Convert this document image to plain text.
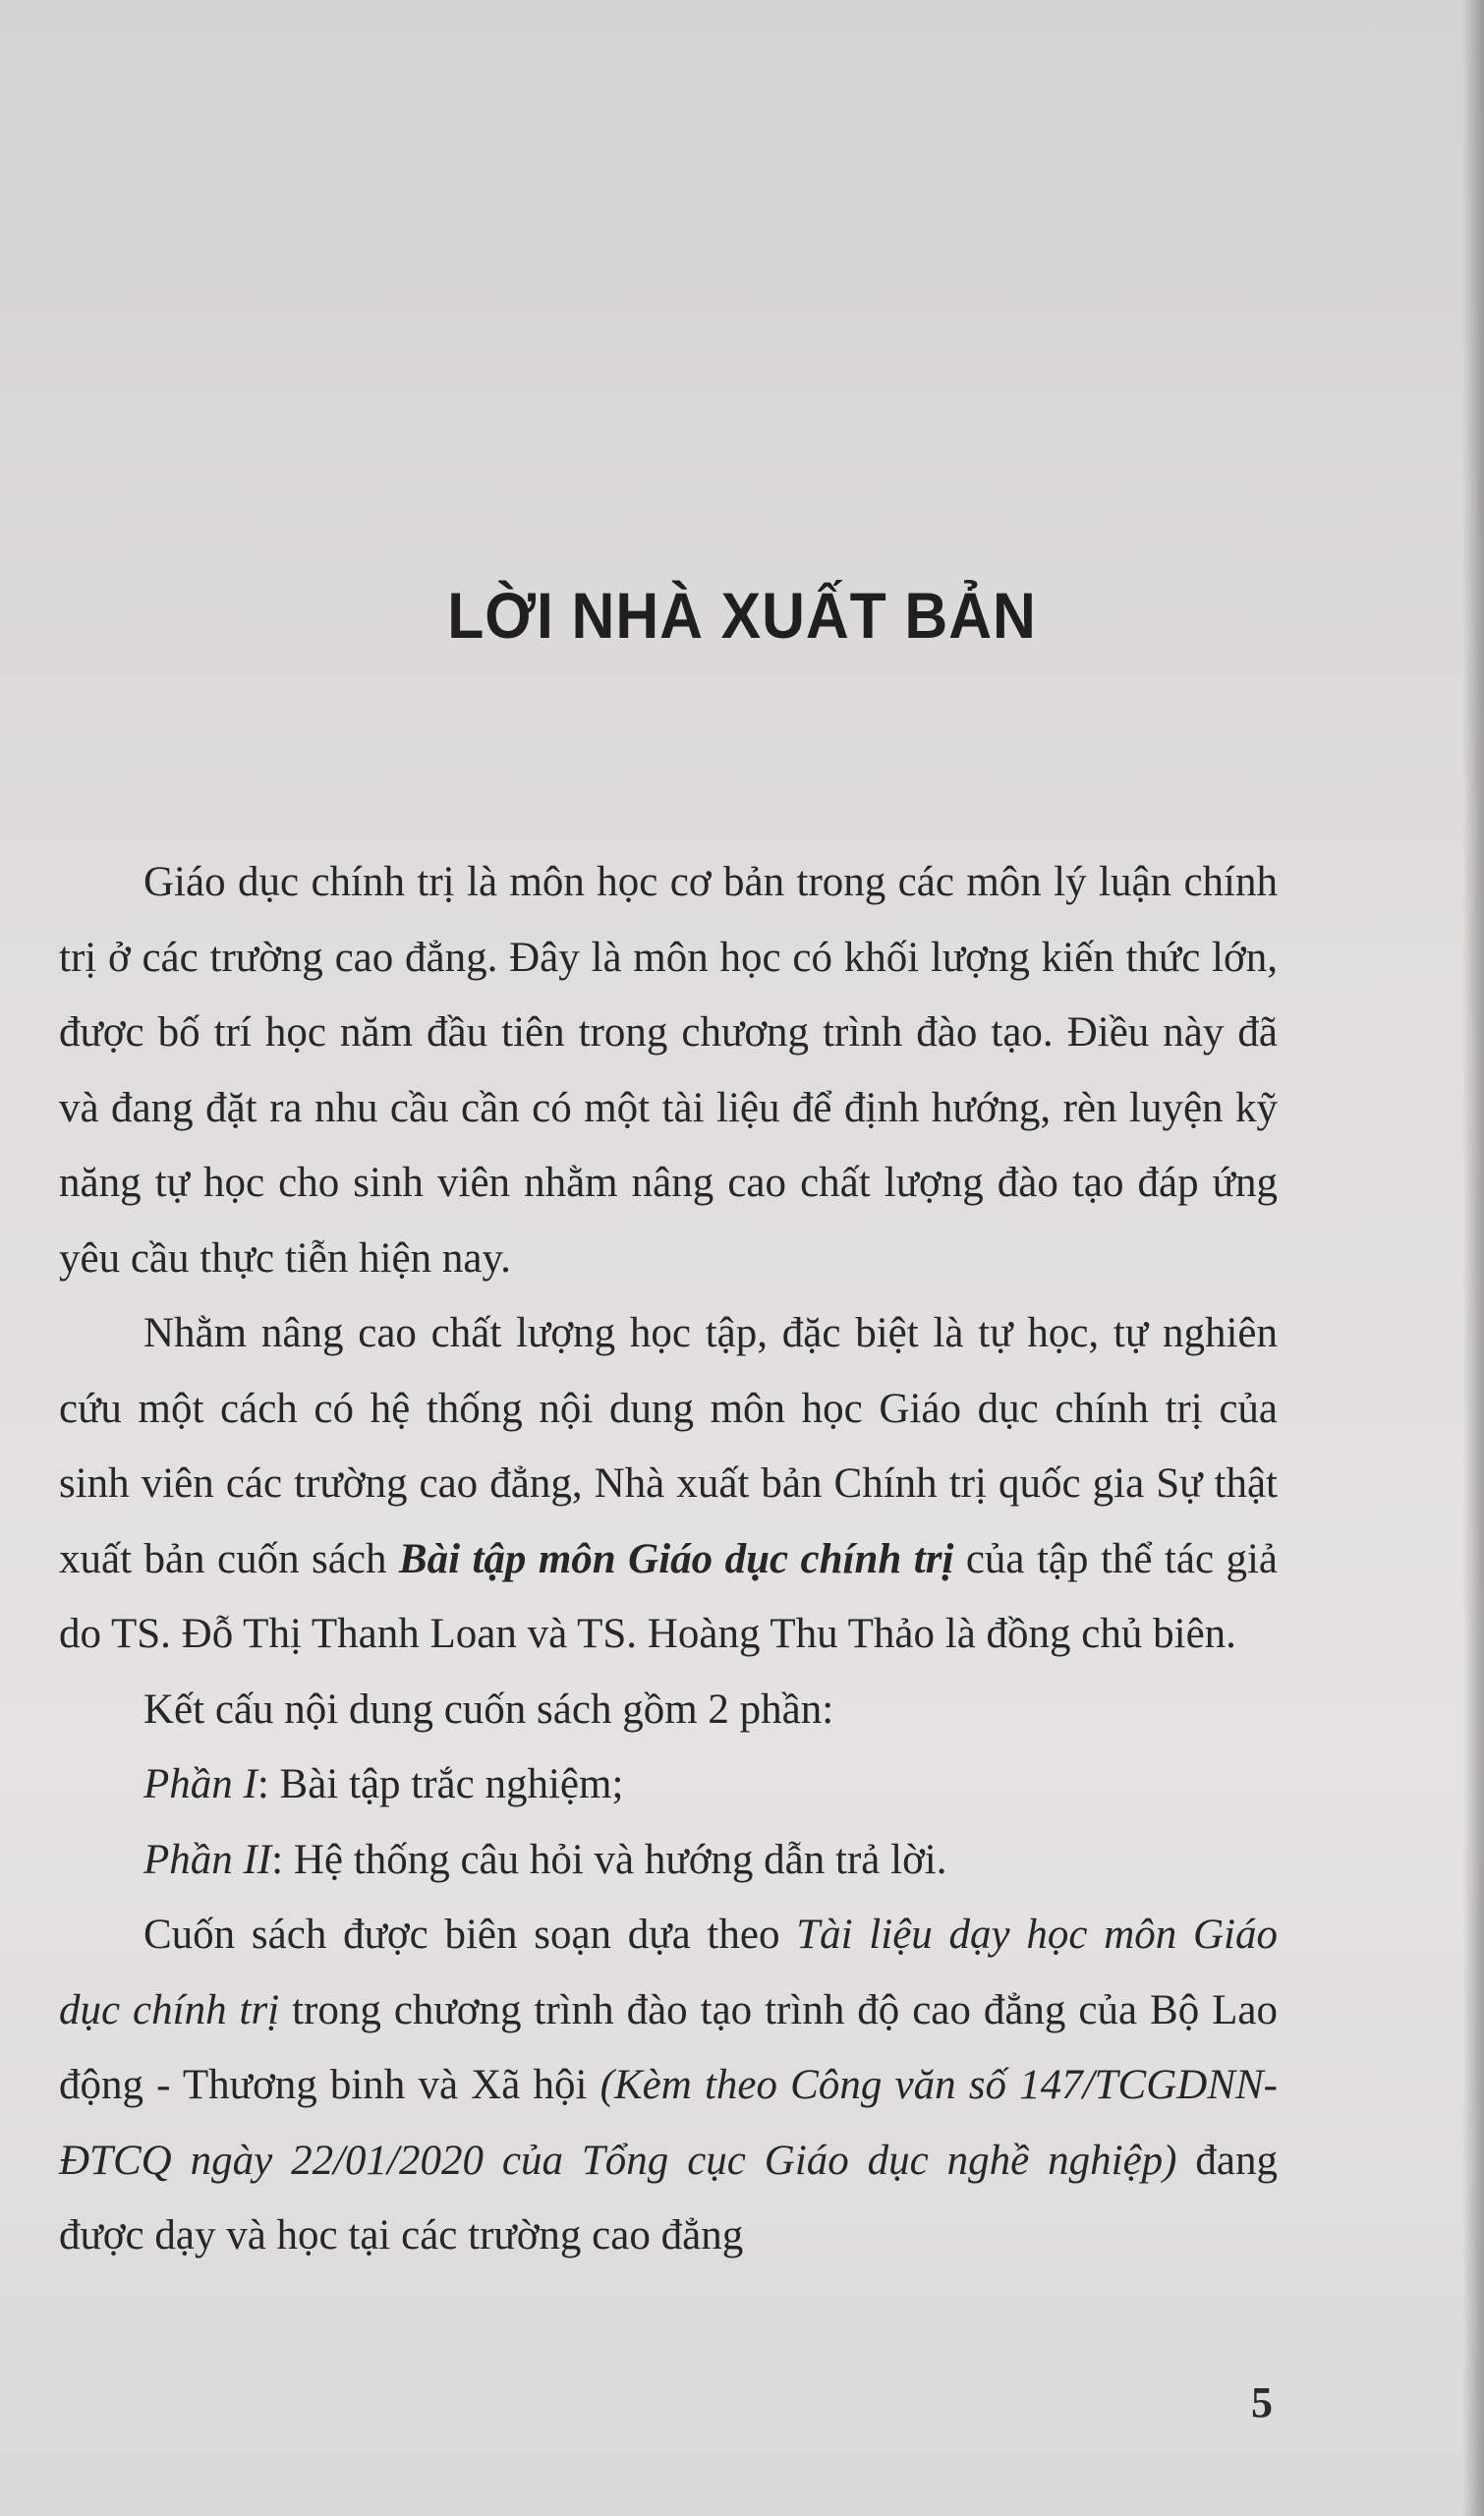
LỜI NHÀ XUẤT BẢN

Giáo dục chính trị là môn học cơ bản trong các môn lý luận chính trị ở các trường cao đẳng. Đây là môn học có khối lượng kiến thức lớn, được bố trí học năm đầu tiên trong chương trình đào tạo. Điều này đã và đang đặt ra nhu cầu cần có một tài liệu để định hướng, rèn luyện kỹ năng tự học cho sinh viên nhằm nâng cao chất lượng đào tạo đáp ứng yêu cầu thực tiễn hiện nay.

Nhằm nâng cao chất lượng học tập, đặc biệt là tự học, tự nghiên cứu một cách có hệ thống nội dung môn học Giáo dục chính trị của sinh viên các trường cao đẳng, Nhà xuất bản Chính trị quốc gia Sự thật xuất bản cuốn sách Bài tập môn Giáo dục chính trị của tập thể tác giả do TS. Đỗ Thị Thanh Loan và TS. Hoàng Thu Thảo là đồng chủ biên.

Kết cấu nội dung cuốn sách gồm 2 phần:

Phần I: Bài tập trắc nghiệm;

Phần II: Hệ thống câu hỏi và hướng dẫn trả lời.

Cuốn sách được biên soạn dựa theo Tài liệu dạy học môn Giáo dục chính trị trong chương trình đào tạo trình độ cao đẳng của Bộ Lao động - Thương binh và Xã hội (Kèm theo Công văn số 147/TCGDNN-ĐTCQ ngày 22/01/2020 của Tổng cục Giáo dục nghề nghiệp) đang được dạy và học tại các trường cao đẳng

5
